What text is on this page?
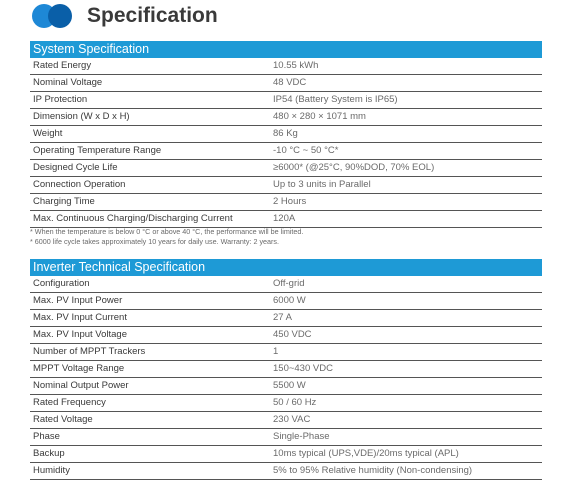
Specification
System Specification
Rated Energy	10.55 kWh
Nominal Voltage	48 VDC
IP Protection	IP54 (Battery System is IP65)
Dimension (W x D x H)	480 × 280 × 1071 mm
Weight	86 Kg
Operating Temperature Range	-10 °C ~ 50 °C*
Designed Cycle Life	≥6000* (@25°C, 90%DOD, 70% EOL)
Connection Operation	Up to 3 units in Parallel
Charging Time	2 Hours
Max. Continuous Charging/Discharging Current	120A
* When the temperature is below 0 °C or above 40 °C, the performance will be limited.
* 6000 life cycle takes approximately 10 years for daily use. Warranty: 2 years.
Inverter Technical Specification
Configuration	Off-grid
Max. PV Input Power	6000 W
Max. PV Input Current	27 A
Max. PV Input Voltage	450 VDC
Number of MPPT Trackers	1
MPPT Voltage Range	150~430 VDC
Nominal Output Power	5500 W
Rated Frequency	50 / 60 Hz
Rated Voltage	230 VAC
Phase	Single-Phase
Backup	10ms typical (UPS,VDE)/20ms typical (APL)
Humidity	5% to 95% Relative humidity (Non-condensing)
